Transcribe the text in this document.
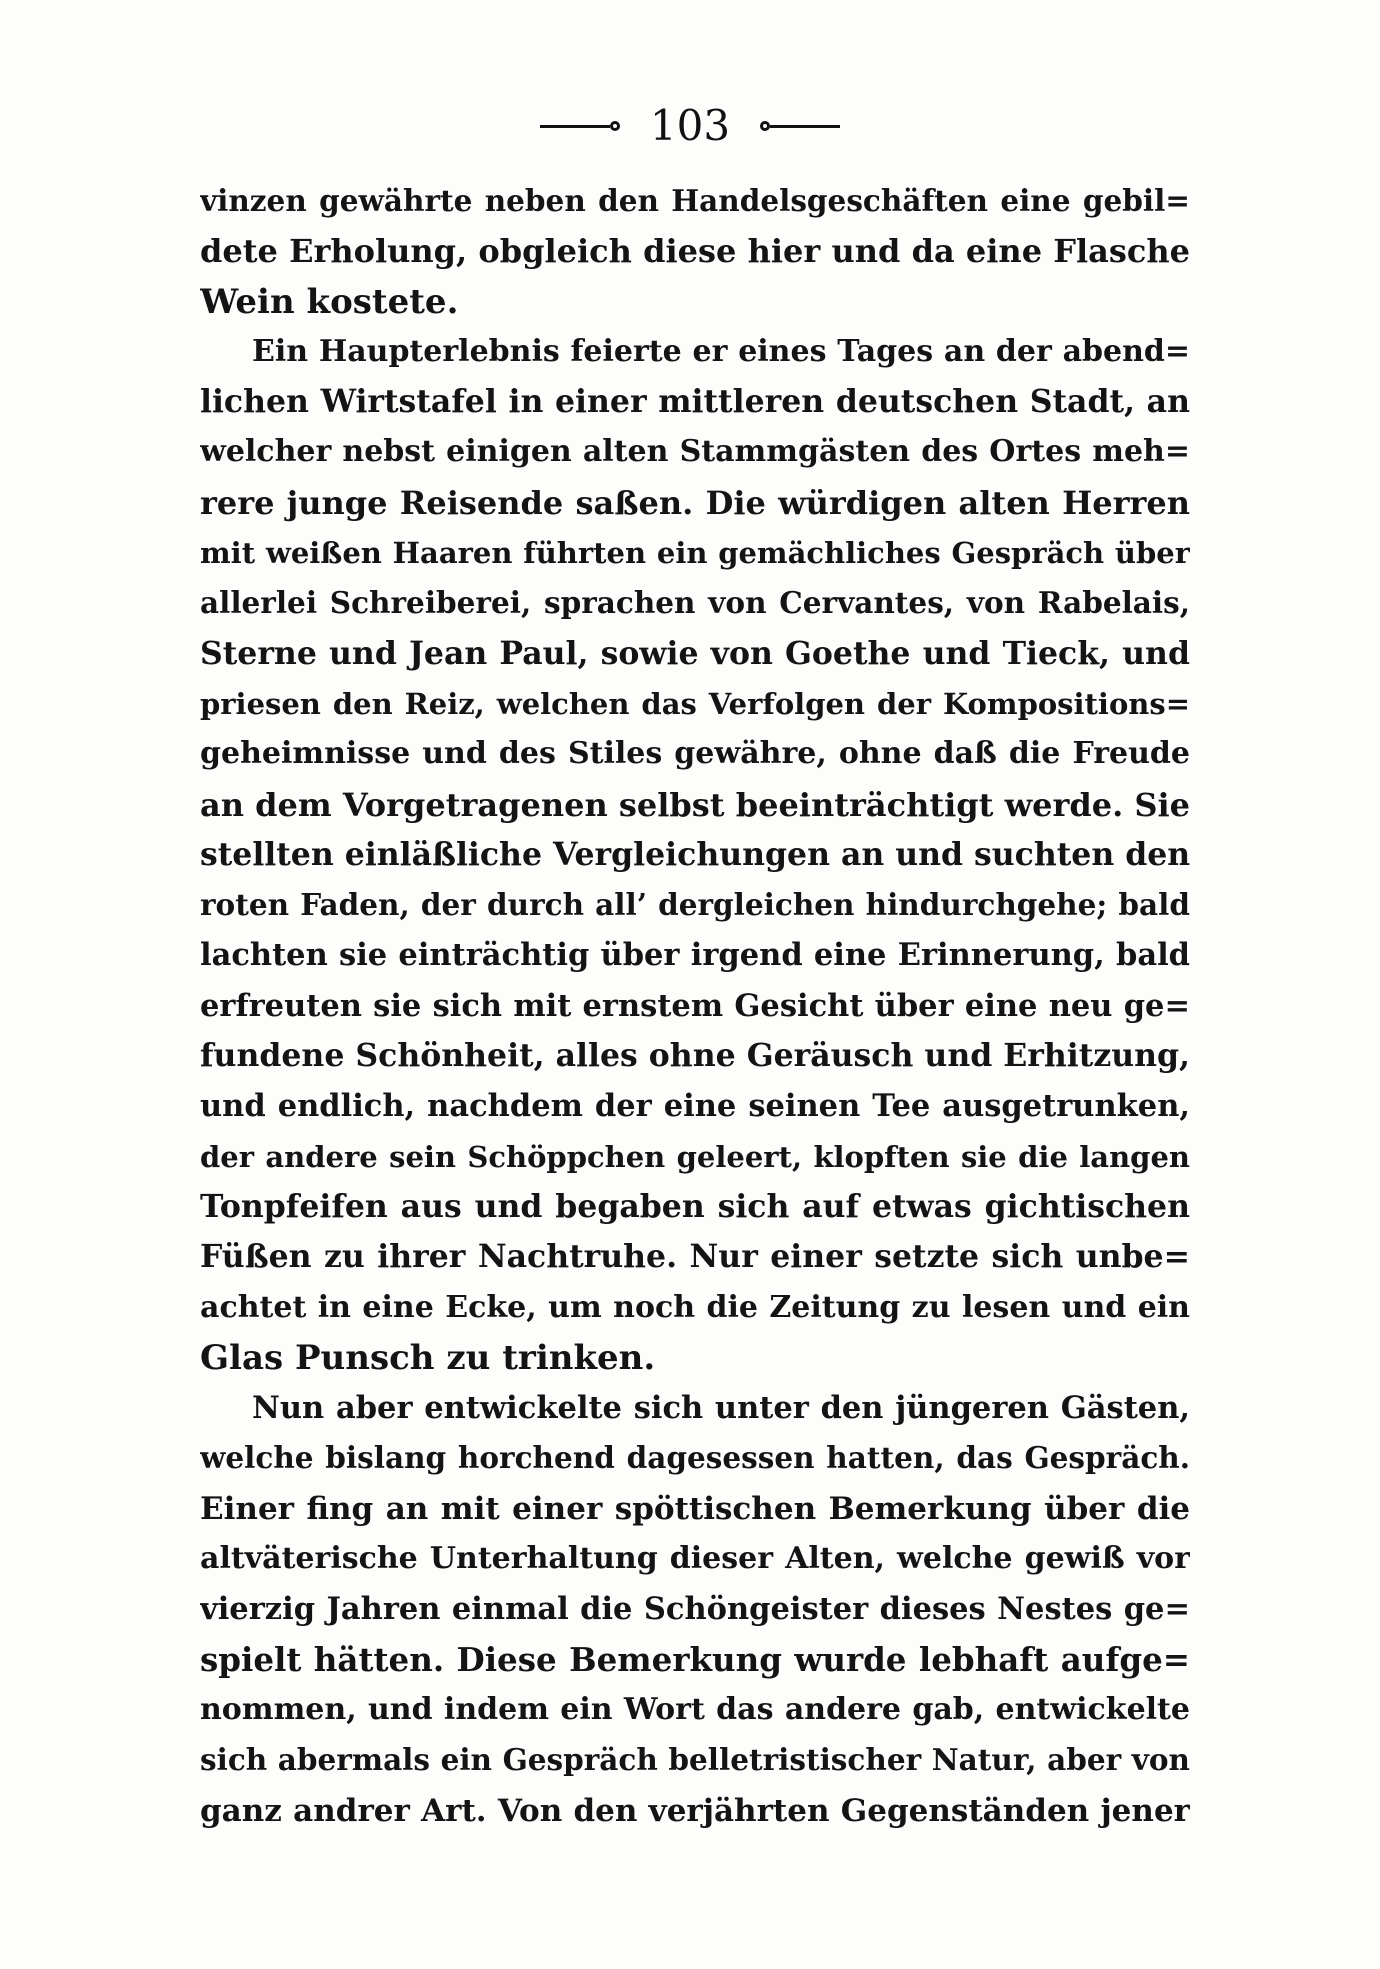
103
vinzen gewährte neben den Handelsgeschäften eine gebil=
dete Erholung, obgleich diese hier und da eine Flasche
Wein kostete.
Ein Haupterlebnis feierte er eines Tages an der abend=
lichen Wirtstafel in einer mittleren deutschen Stadt, an
welcher nebst einigen alten Stammgästen des Ortes meh=
rere junge Reisende saßen. Die würdigen alten Herren
mit weißen Haaren führten ein gemächliches Gespräch über
allerlei Schreiberei, sprachen von Cervantes, von Rabelais,
Sterne und Jean Paul, sowie von Goethe und Tieck, und
priesen den Reiz, welchen das Verfolgen der Kompositions=
geheimnisse und des Stiles gewähre, ohne daß die Freude
an dem Vorgetragenen selbst beeinträchtigt werde. Sie
stellten einläßliche Vergleichungen an und suchten den
roten Faden, der durch all’ dergleichen hindurchgehe; bald
lachten sie einträchtig über irgend eine Erinnerung, bald
erfreuten sie sich mit ernstem Gesicht über eine neu ge=
fundene Schönheit, alles ohne Geräusch und Erhitzung,
und endlich, nachdem der eine seinen Tee ausgetrunken,
der andere sein Schöppchen geleert, klopften sie die langen
Tonpfeifen aus und begaben sich auf etwas gichtischen
Füßen zu ihrer Nachtruhe. Nur einer setzte sich unbe=
achtet in eine Ecke, um noch die Zeitung zu lesen und ein
Glas Punsch zu trinken.
Nun aber entwickelte sich unter den jüngeren Gästen,
welche bislang horchend dagesessen hatten, das Gespräch.
Einer fing an mit einer spöttischen Bemerkung über die
altväterische Unterhaltung dieser Alten, welche gewiß vor
vierzig Jahren einmal die Schöngeister dieses Nestes ge=
spielt hätten. Diese Bemerkung wurde lebhaft aufge=
nommen, und indem ein Wort das andere gab, entwickelte
sich abermals ein Gespräch belletristischer Natur, aber von
ganz andrer Art. Von den verjährten Gegenständen jener
